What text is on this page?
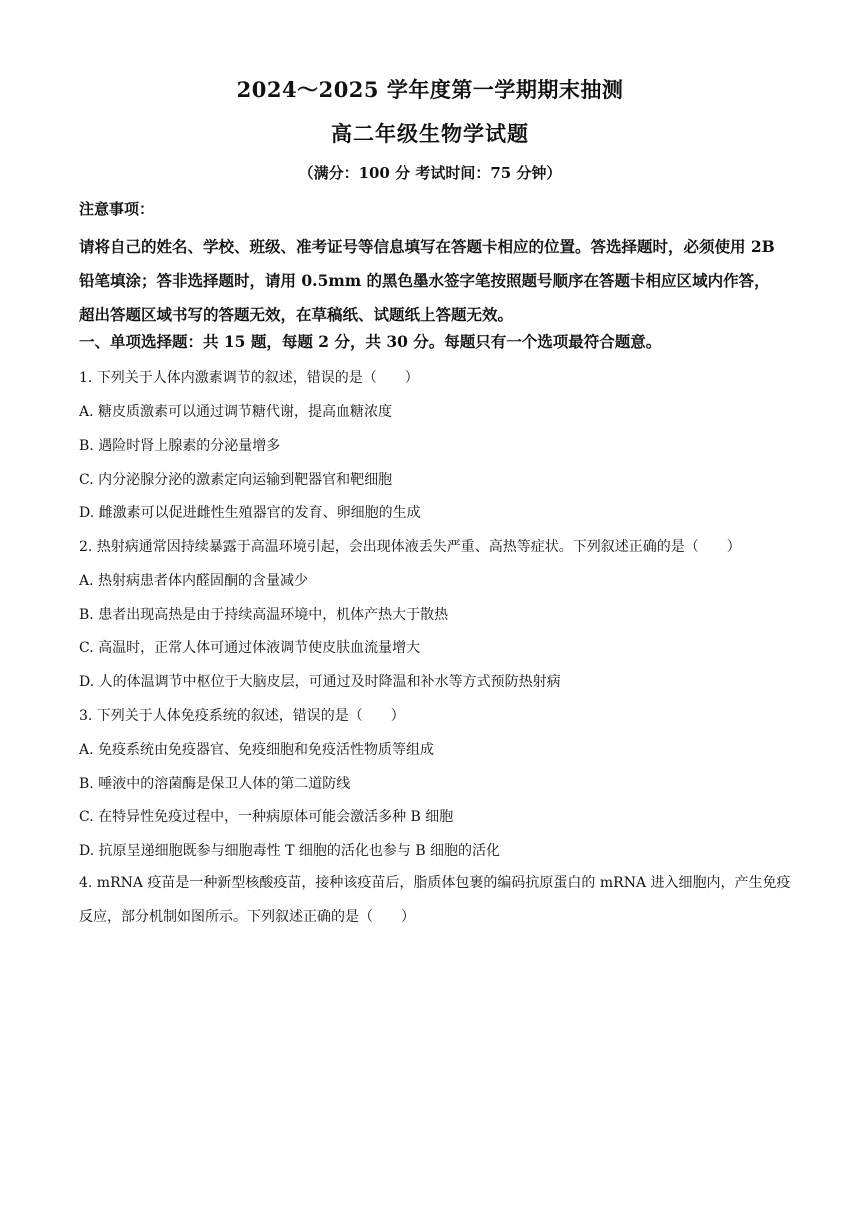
2024～2025 学年度第一学期期末抽测
高二年级生物学试题
（满分：100 分 考试时间：75 分钟）
注意事项：
请将自己的姓名、学校、班级、准考证号等信息填写在答题卡相应的位置。答选择题时，必须使用 2B 铅笔填涂；答非选择题时，请用 0.5mm 的黑色墨水签字笔按照题号顺序在答题卡相应区域内作答，超出答题区域书写的答题无效，在草稿纸、试题纸上答题无效。
一、单项选择题：共 15 题，每题 2 分，共 30 分。每题只有一个选项最符合题意。
1. 下列关于人体内激素调节的叙述，错误的是（　　）
A. 糖皮质激素可以通过调节糖代谢，提高血糖浓度
B. 遇险时肾上腺素的分泌量增多
C. 内分泌腺分泌的激素定向运输到靶器官和靶细胞
D. 雌激素可以促进雌性生殖器官的发育、卵细胞的生成
2. 热射病通常因持续暴露于高温环境引起，会出现体液丢失严重、高热等症状。下列叙述正确的是（　　）
A. 热射病患者体内醛固酮的含量减少
B. 患者出现高热是由于持续高温环境中，机体产热大于散热
C. 高温时，正常人体可通过体液调节使皮肤血流量增大
D. 人的体温调节中枢位于大脑皮层，可通过及时降温和补水等方式预防热射病
3. 下列关于人体免疫系统的叙述，错误的是（　　）
A. 免疫系统由免疫器官、免疫细胞和免疫活性物质等组成
B. 唾液中的溶菌酶是保卫人体的第二道防线
C. 在特异性免疫过程中，一种病原体可能会激活多种 B 细胞
D. 抗原呈递细胞既参与细胞毒性 T 细胞的活化也参与 B 细胞的活化
4. mRNA 疫苗是一种新型核酸疫苗，接种该疫苗后，脂质体包裹的编码抗原蛋白的 mRNA 进入细胞内，产生免疫反应，部分机制如图所示。下列叙述正确的是（　　）
